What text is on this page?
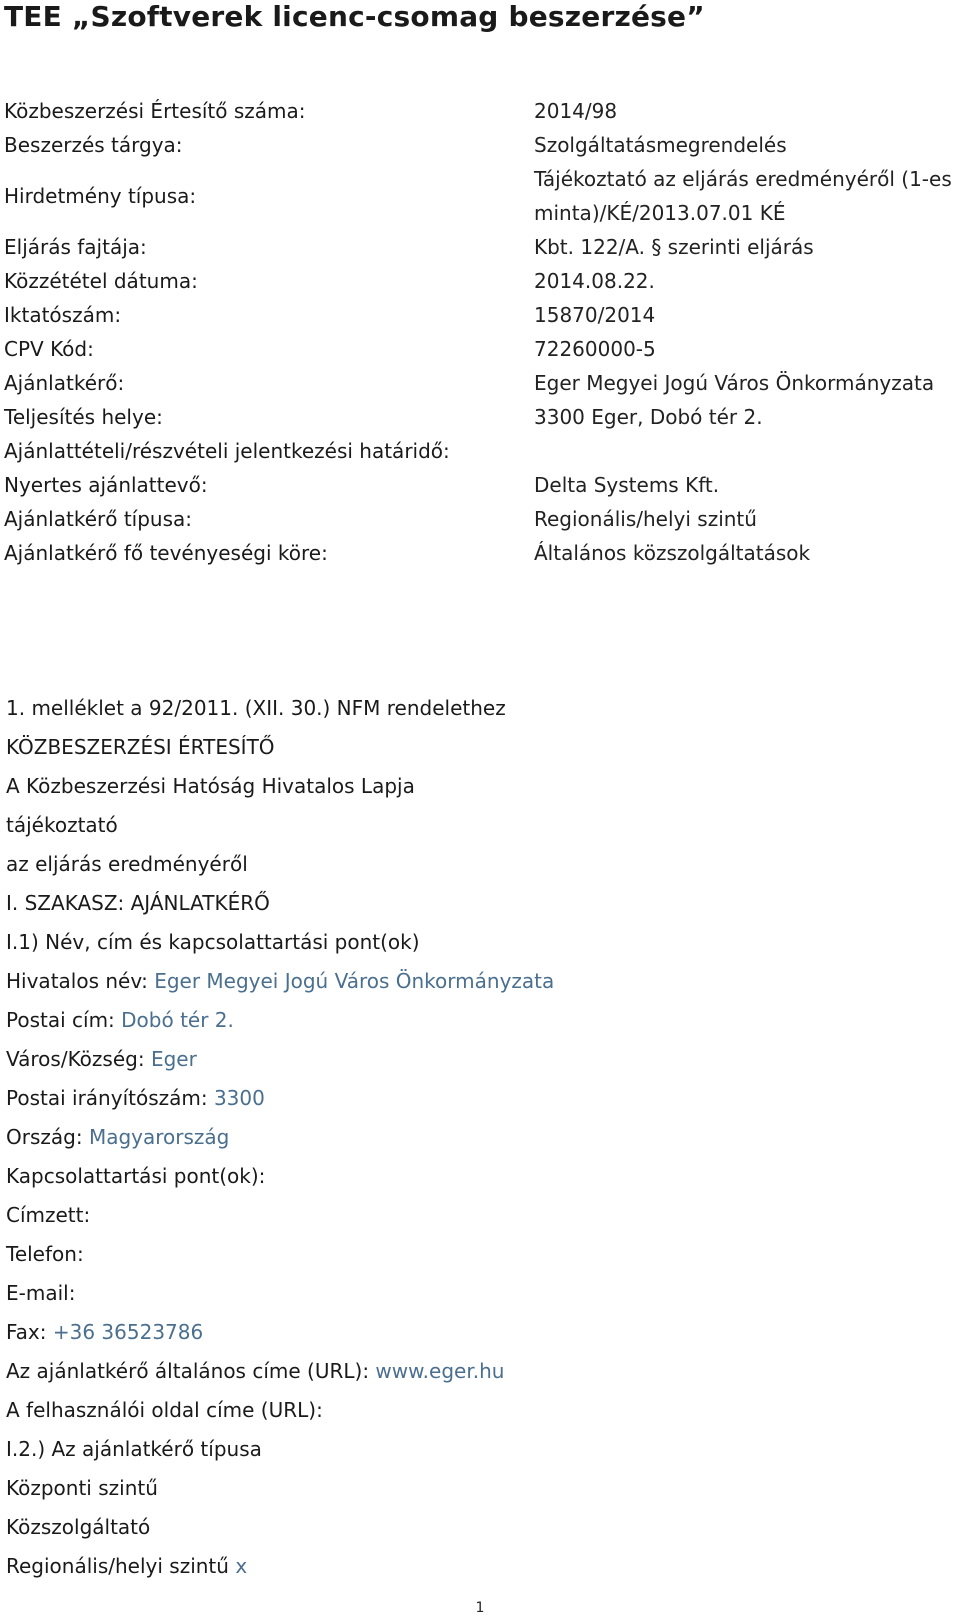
TEE „Szoftverek licenc-csomag beszerzése”
Közbeszerzési Értesítő száma:	2014/98
Beszerzés tárgya:	Szolgáltatásmegrendelés
Hirdetmény típusa:	Tájékoztató az eljárás eredményéről (1-es minta)/KÉ/2013.07.01 KÉ
Eljárás fajtája:	Kbt. 122/A. § szerinti eljárás
Közzététel dátuma:	2014.08.22.
Iktatószám:	15870/2014
CPV Kód:	72260000-5
Ajánlatkérő:	Eger Megyei Jogú Város Önkormányzata
Teljesítés helye:	3300 Eger, Dobó tér 2.
Ajánlattételi/részvételi jelentkezési határidő:	
Nyertes ajánlattevő:	Delta Systems Kft.
Ajánlatkérő típusa:	Regionális/helyi szintű
Ajánlatkérő fő tevényeségi köre:	Általános közszolgáltatások
1. melléklet a 92/2011. (XII. 30.) NFM rendelethez
KÖZBESZERZÉSI ÉRTESÍTŐ
A Közbeszerzési Hatóság Hivatalos Lapja
tájékoztató
az eljárás eredményéről
I. SZAKASZ: AJÁNLATKÉRŐ
I.1) Név, cím és kapcsolattartási pont(ok)
Hivatalos név: Eger Megyei Jogú Város Önkormányzata
Postai cím: Dobó tér 2.
Város/Község: Eger
Postai irányítószám: 3300
Ország: Magyarország
Kapcsolattartási pont(ok):
Címzett:
Telefon:
E-mail:
Fax: +36 36523786
Az ajánlatkérő általános címe (URL): www.eger.hu
A felhasználói oldal címe (URL):
I.2.) Az ajánlatkérő típusa
Központi szintű
Közszolgáltató
Regionális/helyi szintű x
1
